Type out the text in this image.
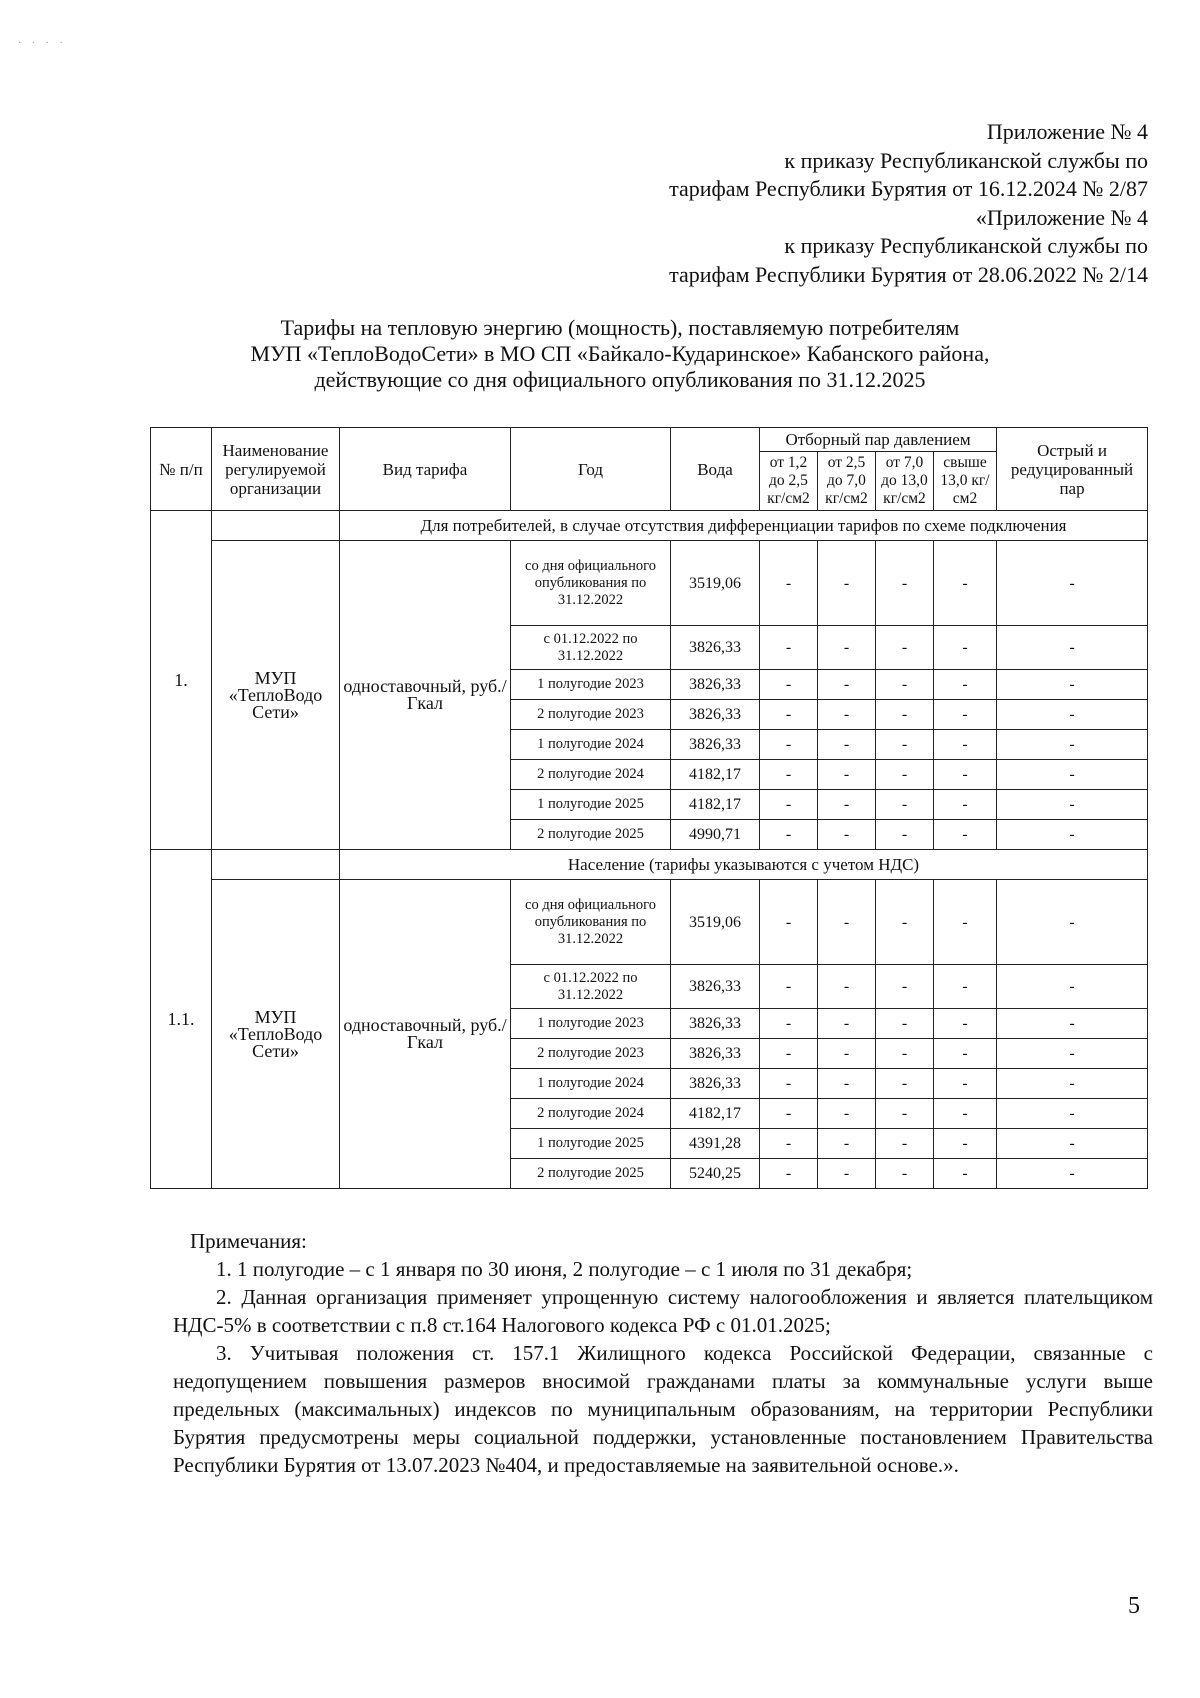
· · · ·
Приложение № 4
к приказу Республиканской службы по
тарифам Республики Бурятия от 16.12.2024 № 2/87
«Приложение № 4
к приказу Республиканской службы по
тарифам Республики Бурятия от 28.06.2022 № 2/14
Тарифы на тепловую энергию (мощность), поставляемую потребителям
МУП «ТеплоВодоСети» в МО СП «Байкало-Кударинское» Кабанского района,
действующие со дня официального опубликования по 31.12.2025
№ п/п	Наименование регулируемой организации	Вид тарифа	Год	Вода	Отборный пар давлением				Острый и редуцированный пар
					от 1,2 до 2,5 кг/см2	от 2,5 до 7,0 кг/см2	от 7,0 до 13,0 кг/см2	свыше 13,0 кг/см2	
1.		Для потребителей, в случае отсутствия дифференциации тарифов по схеме подключения							
	МУП «ТеплоВодо Сети»	одноставочный, руб./Гкал	со дня официального опубликования по 31.12.2022	3519,06	-	-	-	-	-
			с 01.12.2022 по 31.12.2022	3826,33	-	-	-	-	-
			1 полугодие 2023	3826,33	-	-	-	-	-
			2 полугодие 2023	3826,33	-	-	-	-	-
			1 полугодие 2024	3826,33	-	-	-	-	-
			2 полугодие 2024	4182,17	-	-	-	-	-
			1 полугодие 2025	4182,17	-	-	-	-	-
			2 полугодие 2025	4990,71	-	-	-	-	-
1.1.		Население (тарифы указываются с учетом НДС)							
	МУП «ТеплоВодо Сети»	одноставочный, руб./Гкал	со дня официального опубликования по 31.12.2022	3519,06	-	-	-	-	-
			с 01.12.2022 по 31.12.2022	3826,33	-	-	-	-	-
			1 полугодие 2023	3826,33	-	-	-	-	-
			2 полугодие 2023	3826,33	-	-	-	-	-
			1 полугодие 2024	3826,33	-	-	-	-	-
			2 полугодие 2024	4182,17	-	-	-	-	-
			1 полугодие 2025	4391,28	-	-	-	-	-
			2 полугодие 2025	5240,25	-	-	-	-	-
Примечания:

1. 1 полугодие – с 1 января по 30 июня, 2 полугодие – с 1 июля по 31 декабря;

2. Данная организация применяет упрощенную систему налогообложения и является плательщиком НДС-5% в соответствии с п.8 ст.164 Налогового кодекса РФ с 01.01.2025;

3. Учитывая положения ст. 157.1 Жилищного кодекса Российской Федерации, связанные с недопущением повышения размеров вносимой гражданами платы за коммунальные услуги выше предельных (максимальных) индексов по муниципальным образованиям, на территории Республики Бурятия предусмотрены меры социальной поддержки, установленные постановлением Правительства Республики Бурятия от 13.07.2023 №404, и предоставляемые на заявительной основе.».

5
